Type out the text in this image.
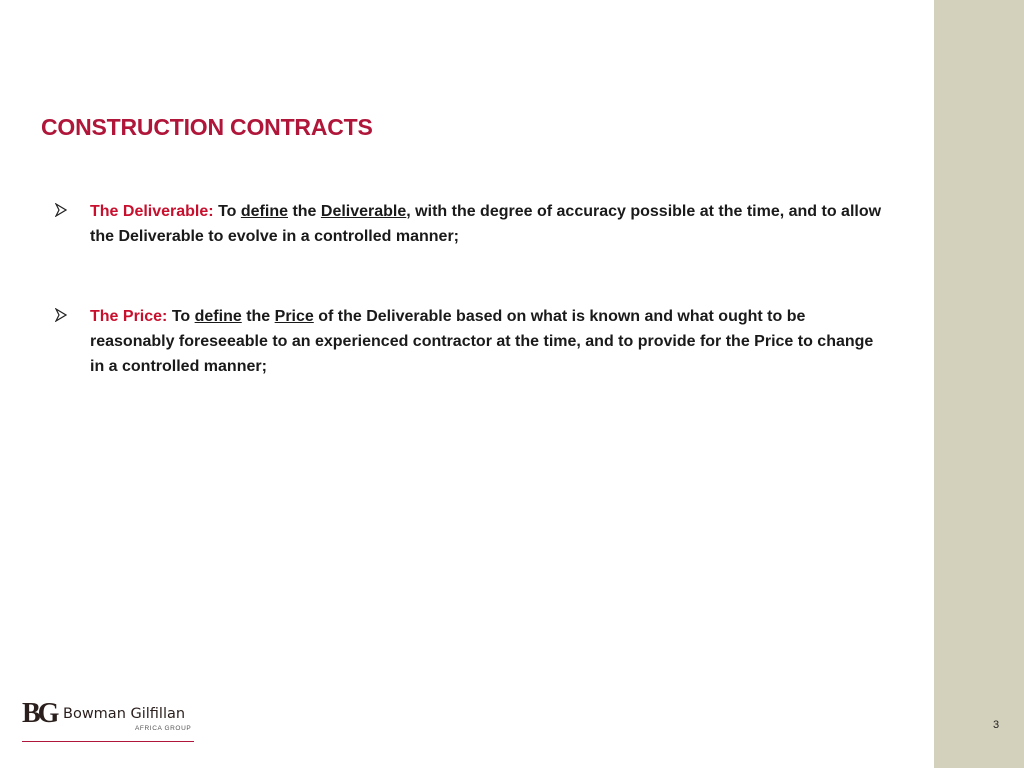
CONSTRUCTION CONTRACTS
The Deliverable: To define the Deliverable, with the degree of accuracy possible at the time, and to allow the Deliverable to evolve in a controlled manner;
The Price: To define the Price of the Deliverable based on what is known and what ought to be reasonably foreseeable to an experienced contractor at the time, and to provide for the Price to change in a controlled manner;
BG Bowman Gilfillan
AFRICA GROUP	3
